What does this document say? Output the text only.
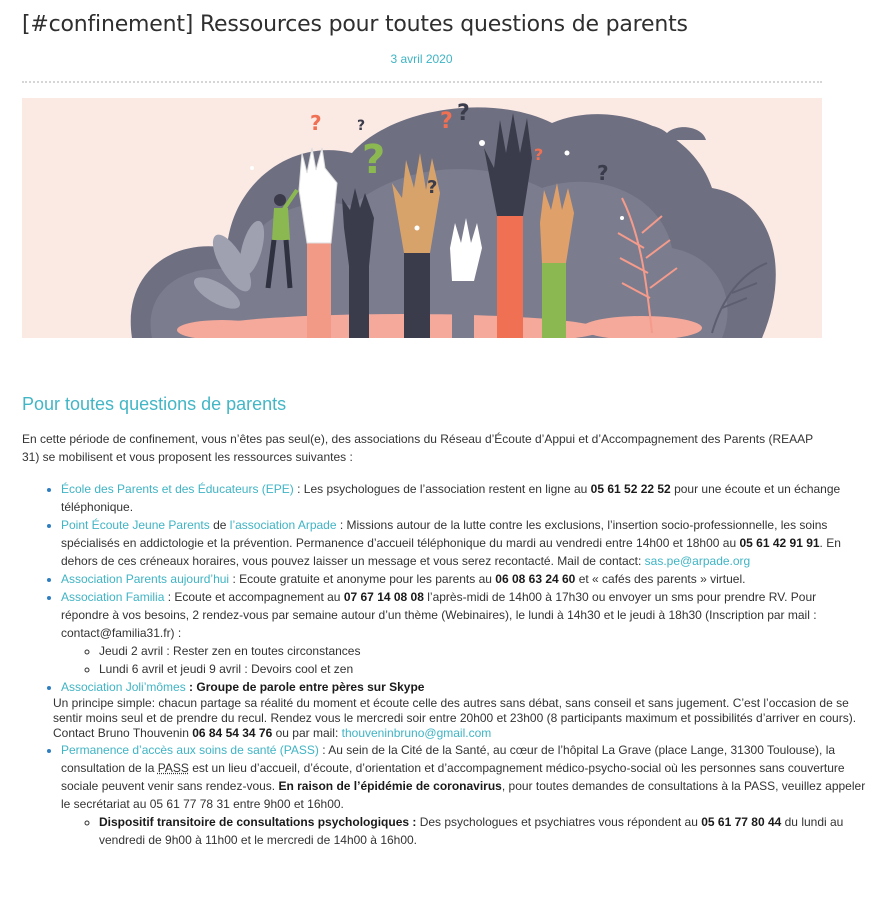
[#confinement] Ressources pour toutes questions de parents
3 avril 2020
?
?
?	?
?
?
?
?
Pour toutes questions de parents

En cette période de confinement, vous n’êtes pas seul(e), des associations du Réseau d’Écoute d’Appui et d’Accompagnement des Parents (REAAP 31) se mobilisent et vous proposent les ressources suivantes :

• École des Parents et des Éducateurs (EPE) : Les psychologues de l’association restent en ligne au 05 61 52 22 52 pour une écoute et un échange téléphonique.
• Point Écoute Jeune Parents de l’association Arpade : Missions autour de la lutte contre les exclusions, l’insertion socio-professionnelle, les soins spécialisés en addictologie et la prévention. Permanence d’accueil téléphonique du mardi au vendredi entre 14h00 et 18h00 au 05 61 42 91 91. En dehors de ces créneaux horaires, vous pouvez laisser un message et vous serez recontacté. Mail de contact: sas.pe@arpade.org
• Association Parents aujourd’hui : Ecoute gratuite et anonyme pour les parents au 06 08 63 24 60 et « cafés des parents » virtuel.
• Association Familia : Ecoute et accompagnement au 07 67 14 08 08 l’après-midi de 14h00 à 17h30 ou envoyer un sms pour prendre RV. Pour répondre à vos besoins, 2 rendez-vous par semaine autour d’un thème (Webinaires), le lundi à 14h30 et le jeudi à 18h30 (Inscription par mail : contact@familia31.fr) :
◦ Jeudi 2 avril : Rester zen en toutes circonstances
◦ Lundi 6 avril et jeudi 9 avril : Devoirs cool et zen
• Association Joli’mômes : Groupe de parole entre pères sur Skype
Un principe simple: chacun partage sa réalité du moment et écoute celle des autres sans débat, sans conseil et sans jugement. C’est l’occasion de se sentir moins seul et de prendre du recul. Rendez vous le mercredi soir entre 20h00 et 23h00 (8 participants maximum et possibilités d’arriver en cours). Contact Bruno Thouvenin 06 84 54 34 76 ou par mail: thouveninbruno@gmail.com
• Permanence d’accès aux soins de santé (PASS) : Au sein de la Cité de la Santé, au cœur de l’hôpital La Grave (place Lange, 31300 Toulouse), la consultation de la PASS est un lieu d’accueil, d’écoute, d’orientation et d’accompagnement médico-psycho-social où les personnes sans couverture sociale peuvent venir sans rendez-vous. En raison de l’épidémie de coronavirus, pour toutes demandes de consultations à la PASS, veuillez appeler le secrétariat au 05 61 77 78 31 entre 9h00 et 16h00.
◦ Dispositif transitoire de consultations psychologiques : Des psychologues et psychiatres vous répondent au 05 61 77 80 44 du lundi au vendredi de 9h00 à 11h00 et le mercredi de 14h00 à 16h00.
